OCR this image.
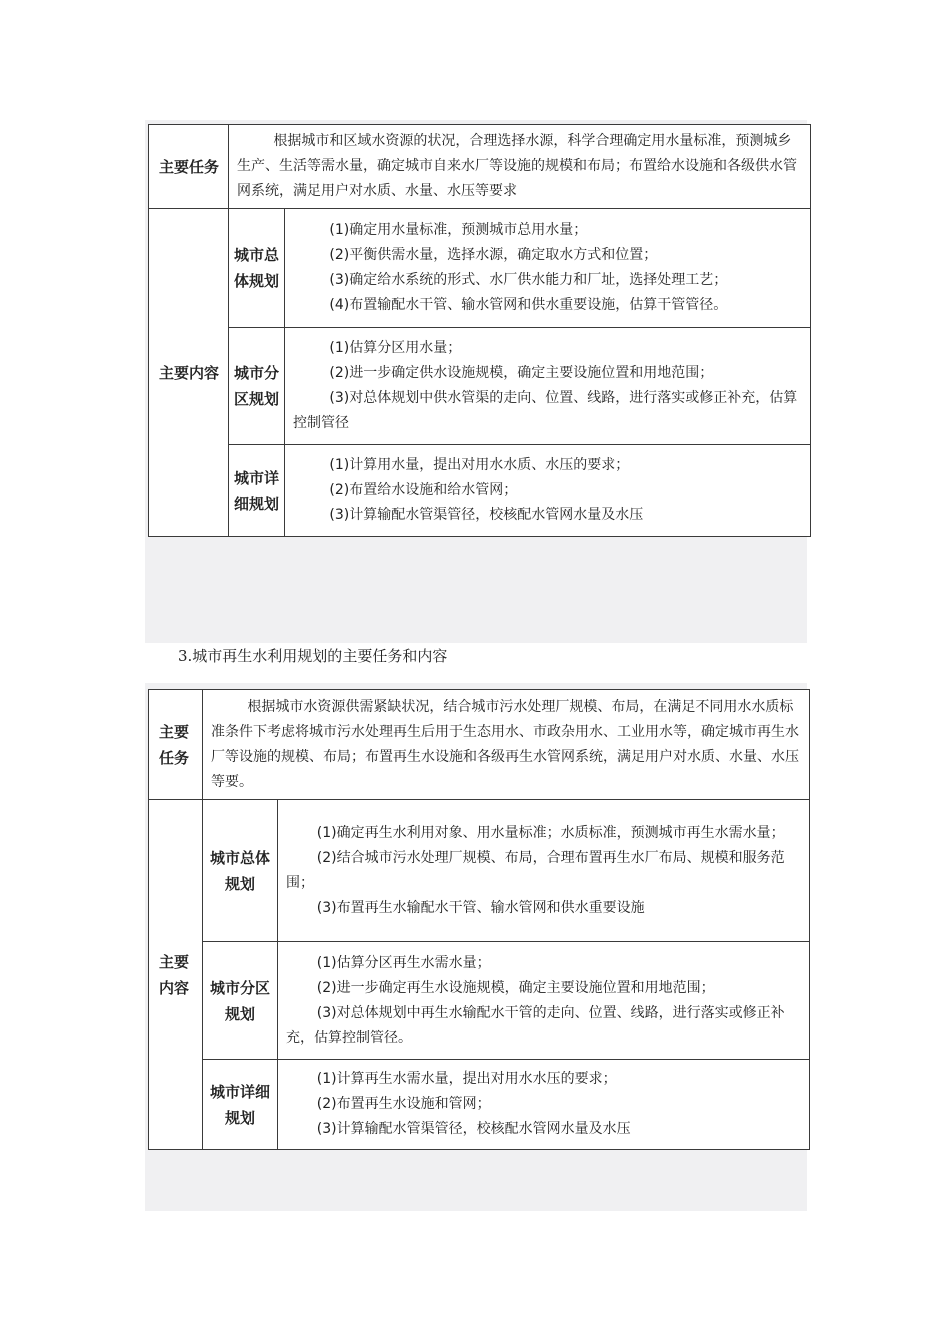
主要任务	根据城市和区域水资源的状况，合理选择水源，科学合理确定用水量标准，预测城乡生产、生活等需水量，确定城市自来水厂等设施的规模和布局；布置给水设施和各级供水管网系统，满足用户对水质、水量、水压等要求	

主要内容	城市总体规划	(1)确定用水量标准，预测城市总用水量；

(2)平衡供需水量，选择水源，确定取水方式和位置；

(3)确定给水系统的形式、水厂供水能力和厂址，选择处理工艺；

(4)布置输配水干管、输水管网和供水重要设施，估算干管管径。

	城市分区规划	(1)估算分区用水量；

(2)进一步确定供水设施规模，确定主要设施位置和用地范围；

(3)对总体规划中供水管渠的走向、位置、线路，进行落实或修正补充，估算控制管径

	城市详细规划	(1)计算用水量，提出对用水水质、水压的要求；

(2)布置给水设施和给水管网；

(3)计算输配水管渠管径，校核配水管网水量及水压

3.城市再生水利用规划的主要任务和内容
主要任务	根据城市水资源供需紧缺状况，结合城市污水处理厂规模、布局，在满足不同用水水质标准条件下考虑将城市污水处理再生后用于生态用水、市政杂用水、工业用水等，确定城市再生水厂等设施的规模、布局；布置再生水设施和各级再生水管网系统，满足用户对水质、水量、水压等要。	

主要内容	城市总体规划	(1)确定再生水利用对象、用水量标准；水质标准，预测城市再生水需水量；

(2)结合城市污水处理厂规模、布局，合理布置再生水厂布局、规模和服务范围；

(3)布置再生水输配水干管、输水管网和供水重要设施

	城市分区规划	(1)估算分区再生水需水量；

(2)进一步确定再生水设施规模，确定主要设施位置和用地范围；

(3)对总体规划中再生水输配水干管的走向、位置、线路，进行落实或修正补充，估算控制管径。

	城市详细规划	(1)计算再生水需水量，提出对用水水压的要求；

(2)布置再生水设施和管网；

(3)计算输配水管渠管径，校核配水管网水量及水压
